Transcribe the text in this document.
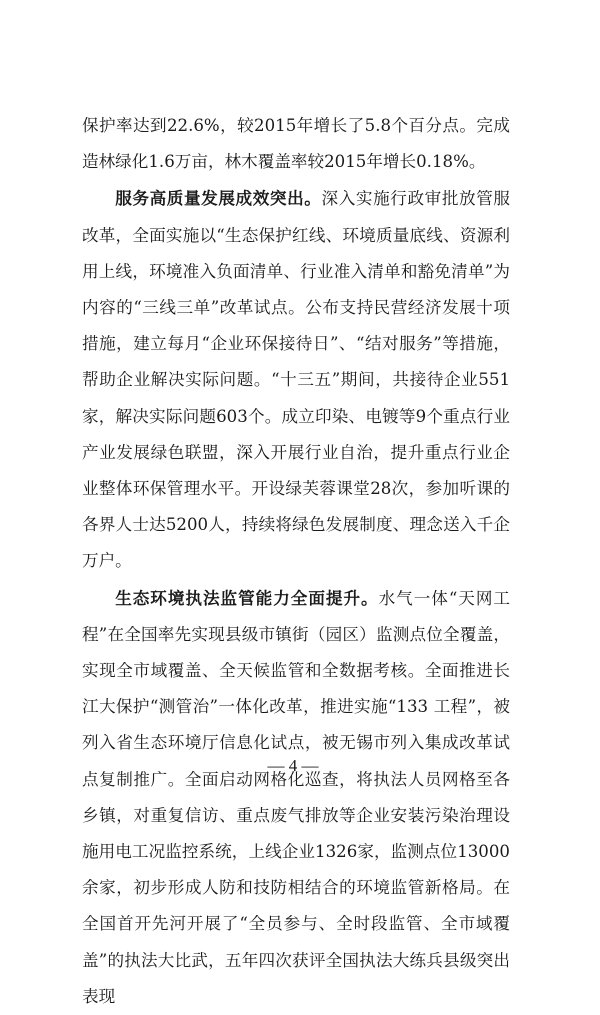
保护率达到22.6%，较2015年增长了5.8个百分点。完成造林绿化1.6万亩，林木覆盖率较2015年增长0.18%。

服务高质量发展成效突出。深入实施行政审批放管服改革，全面实施以“生态保护红线、环境质量底线、资源利用上线，环境准入负面清单、行业准入清单和豁免清单”为内容的“三线三单”改革试点。公布支持民营经济发展十项措施，建立每月“企业环保接待日”、“结对服务”等措施，帮助企业解决实际问题。“十三五”期间，共接待企业551家，解决实际问题603个。成立印染、电镀等9个重点行业产业发展绿色联盟，深入开展行业自治，提升重点行业企业整体环保管理水平。开设绿芙蓉课堂28次，参加听课的各界人士达5200人，持续将绿色发展制度、理念送入千企万户。

生态环境执法监管能力全面提升。水气一体“天网工程”在全国率先实现县级市镇街（园区）监测点位全覆盖，实现全市域覆盖、全天候监管和全数据考核。全面推进长江大保护“测管治”一体化改革，推进实施“133 工程”，被列入省生态环境厅信息化试点，被无锡市列入集成改革试点复制推广。全面启动网格化巡查，将执法人员网格至各乡镇，对重复信访、重点废气排放等企业安装污染治理设施用电工况监控系统，上线企业1326家，监测点位13000余家，初步形成人防和技防相结合的环境监管新格局。在全国首开先河开展了“全员参与、全时段监管、全市域覆盖”的执法大比武，五年四次获评全国执法大练兵县级突出表现

— 4 —
